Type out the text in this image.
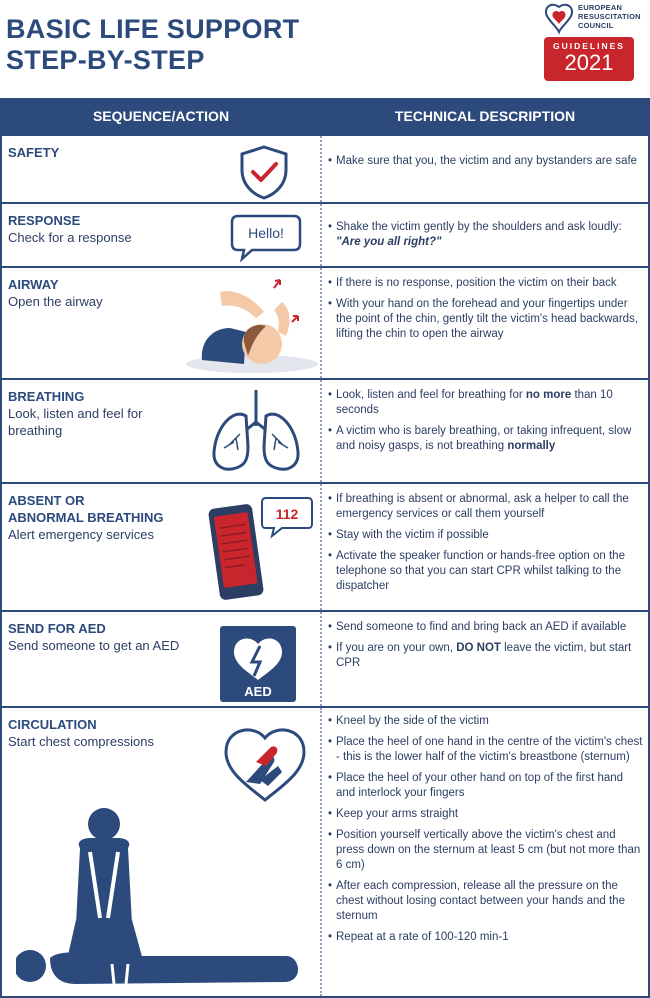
BASIC LIFE SUPPORT
STEP-BY-STEP
EUROPEAN
RESUSCITATION
COUNCIL
GUIDELINES
2021
SEQUENCE/ACTION	TECHNICAL DESCRIPTION
SAFETY
• Make sure that you, the victim and any bystanders are safe
RESPONSE
Check for a response	Hello!
•	Shake the victim gently by the shoulders and ask loudly: "Are you all right?"
AIRWAY
Open the airway
• If there is no response, position the victim on their back
• With your hand on the forehead and your fingertips under the point of the chin, gently tilt the victim's head backwards, lifting the chin to open the airway
BREATHING
Look, listen and feel for breathing
• Look, listen and feel for breathing for no more than 10 seconds
• A victim who is barely breathing, or taking infrequent, slow and noisy gasps, is not breathing normally
ABSENT OR
ABNORMAL BREATHING
Alert emergency services
112
• If breathing is absent or abnormal, ask a helper to call the emergency services or call them yourself
• Stay with the victim if possible
• Activate the speaker function or hands-free option on the telephone so that you can start CPR whilst talking to the dispatcher
SEND FOR AED
Send someone to get an AED
AED
• Send someone to find and bring back an AED if available
• If you are on your own, DO NOT leave the victim, but start CPR
CIRCULATION
Start chest compressions
• Kneel by the side of the victim
• Place the heel of one hand in the centre of the victim's chest - this is the lower half of the victim's breastbone (sternum)
• Place the heel of your other hand on top of the first hand and interlock your fingers
• Keep your arms straight
• Position yourself vertically above the victim's chest and press down on the sternum at least 5 cm (but not more than 6 cm)
• After each compression, release all the pressure on the chest without losing contact between your hands and the sternum
• Repeat at a rate of 100-120 min-1
